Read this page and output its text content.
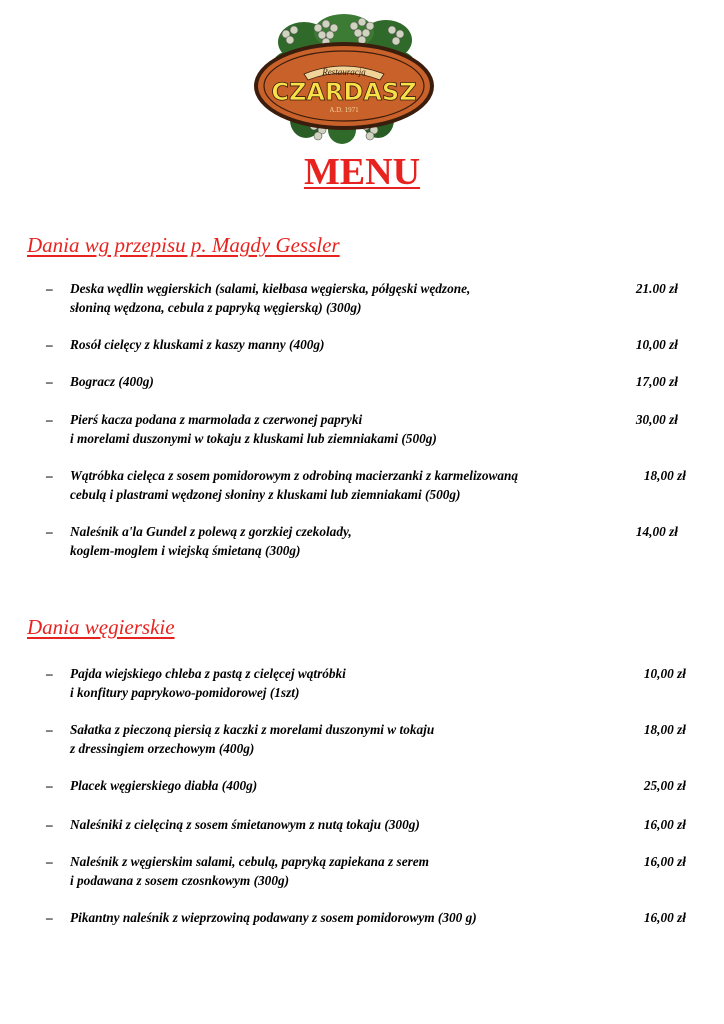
Restauracja
CZARDASZ
A.D. 1971
MENU
Dania wg przepisu p. Magdy Gessler
– Deska wędlin węgierskich (salami, kiełbasa węgierska, półgęski wędzone,
słoniną wędzona, cebula z papryką węgierską) (300g)
21.00 zł
– Rosół cielęcy z kluskami z kaszy manny (400g)	10,00 zł
– Bogracz (400g)	17,00 zł
– Pierś kacza podana z marmolada z czerwonej papryki
i morelami duszonymi w tokaju z kluskami lub ziemniakami (500g)
30,00 zł
– Wątróbka cielęca z sosem pomidorowym z odrobiną macierzanki z karmelizowaną
cebulą i plastrami wędzonej słoniny z kluskami lub ziemniakami (500g)
18,00 zł
– Naleśnik a'la Gundel z polewą z gorzkiej czekolady,
koglem-moglem i wiejską śmietaną (300g)
14,00 zł
Dania węgierskie
– Pajda wiejskiego chleba z pastą z cielęcej wątróbki
i konfitury paprykowo-pomidorowej (1szt)
10,00 zł
– Sałatka z pieczoną piersią z kaczki z morelami duszonymi w tokaju
z dressingiem orzechowym (400g)
18,00 zł
– Placek węgierskiego diabła (400g)	25,00 zł
– Naleśniki z cielęciną z sosem śmietanowym z nutą tokaju (300g)	16,00 zł
– Naleśnik z węgierskim salami, cebulą, papryką zapiekana z serem
i podawana z sosem czosnkowym (300g)
16,00 zł
– Pikantny naleśnik z wieprzowiną podawany z sosem pomidorowym (300 g)	16,00 zł
